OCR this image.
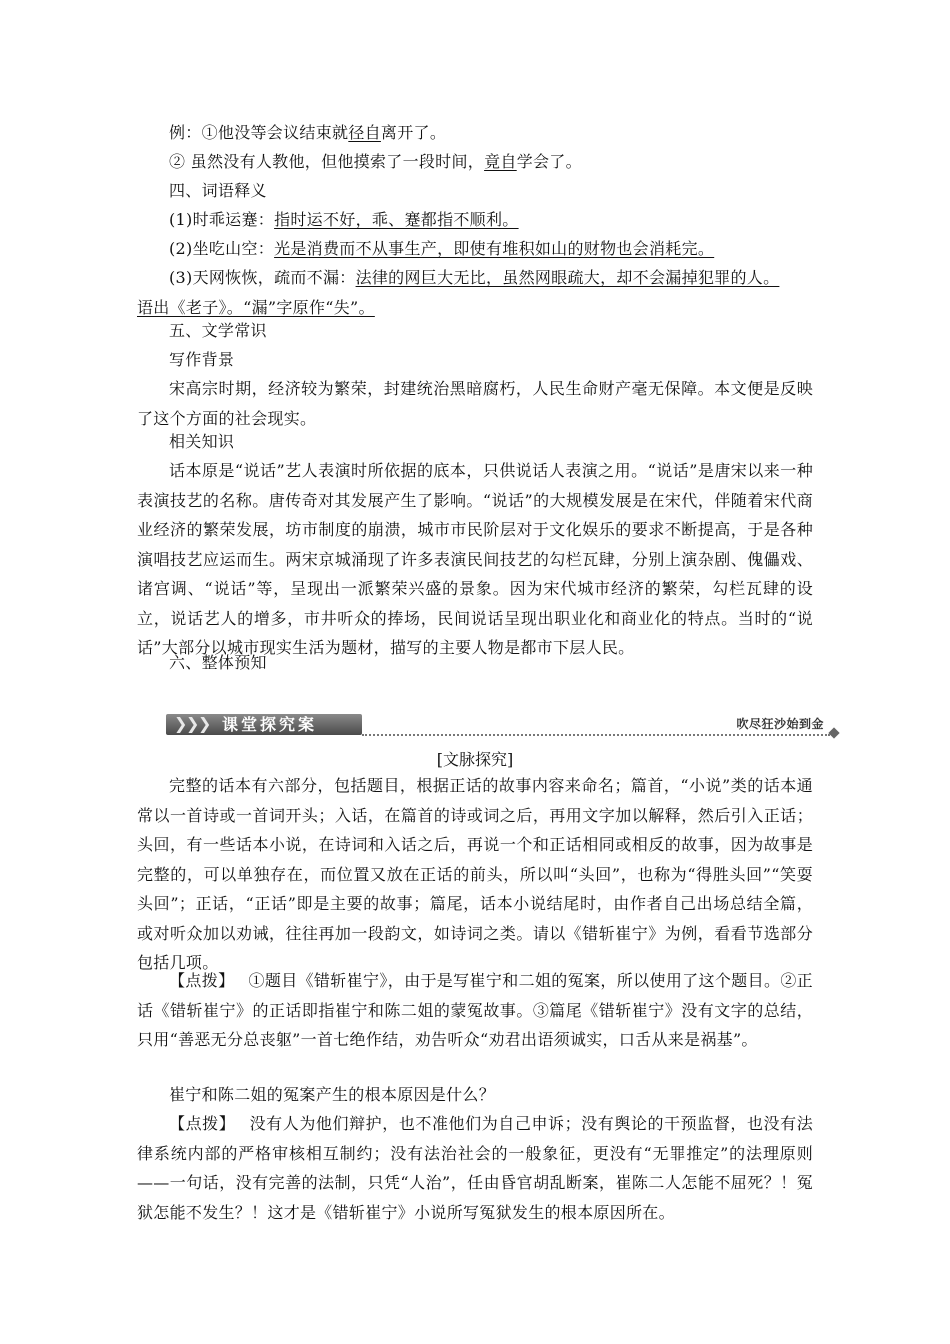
例：①他没等会议结束就径自离开了。
② 虽然没有人教他，但他摸索了一段时间，竟自学会了。
四、词语释义
(1)时乖运蹇：指时运不好，乖、蹇都指不顺利。
(2)坐吃山空：光是消费而不从事生产，即使有堆积如山的财物也会消耗完。
(3)天网恢恢，疏而不漏：法律的网巨大无比，虽然网眼疏大，却不会漏掉犯罪的人。
语出《老子》。“漏”字原作“失”。
五、文学常识
写作背景
宋高宗时期，经济较为繁荣，封建统治黑暗腐朽，人民生命财产毫无保障。本文便是反映了这个方面的社会现实。
相关知识
话本原是“说话”艺人表演时所依据的底本，只供说话人表演之用。“说话”是唐宋以来一种表演技艺的名称。唐传奇对其发展产生了影响。“说话”的大规模发展是在宋代，伴随着宋代商业经济的繁荣发展，坊市制度的崩溃，城市市民阶层对于文化娱乐的要求不断提高，于是各种演唱技艺应运而生。两宋京城涌现了许多表演民间技艺的勾栏瓦肆，分别上演杂剧、傀儡戏、诸宫调、“说话”等，呈现出一派繁荣兴盛的景象。因为宋代城市经济的繁荣，勾栏瓦肆的设立，说话艺人的增多，市井听众的捧场，民间说话呈现出职业化和商业化的特点。当时的“说话”大部分以城市现实生活为题材，描写的主要人物是都市下层人民。
六、整体预知
❯
❯
❯ 课堂探究案	吹尽狂沙始到金
[文脉探究]
完整的话本有六部分，包括题目，根据正话的故事内容来命名；篇首，“小说”类的话本通常以一首诗或一首词开头；入话，在篇首的诗或词之后，再用文字加以解释，然后引入正话；头回，有一些话本小说，在诗词和入话之后，再说一个和正话相同或相反的故事，因为故事是完整的，可以单独存在，而位置又放在正话的前头，所以叫“头回”，也称为“得胜头回”“笑耍头回”；正话，“正话”即是主要的故事；篇尾，话本小说结尾时，由作者自己出场总结全篇，或对听众加以劝诫，往往再加一段韵文，如诗词之类。请以《错斩崔宁》为例，看看节选部分包括几项。
【点拨】 ①题目《错斩崔宁》，由于是写崔宁和二姐的冤案，所以使用了这个题目。②正话《错斩崔宁》的正话即指崔宁和陈二姐的蒙冤故事。③篇尾《错斩崔宁》没有文字的总结，只用“善恶无分总丧躯”一首七绝作结，劝告听众“劝君出语须诚实，口舌从来是祸基”。
崔宁和陈二姐的冤案产生的根本原因是什么？
【点拨】 没有人为他们辩护，也不准他们为自己申诉；没有舆论的干预监督，也没有法律系统内部的严格审核相互制约；没有法治社会的一般象征，更没有“无罪推定”的法理原则——一句话，没有完善的法制，只凭“人治”，任由昏官胡乱断案，崔陈二人怎能不屈死？！冤狱怎能不发生？！这才是《错斩崔宁》小说所写冤狱发生的根本原因所在。
